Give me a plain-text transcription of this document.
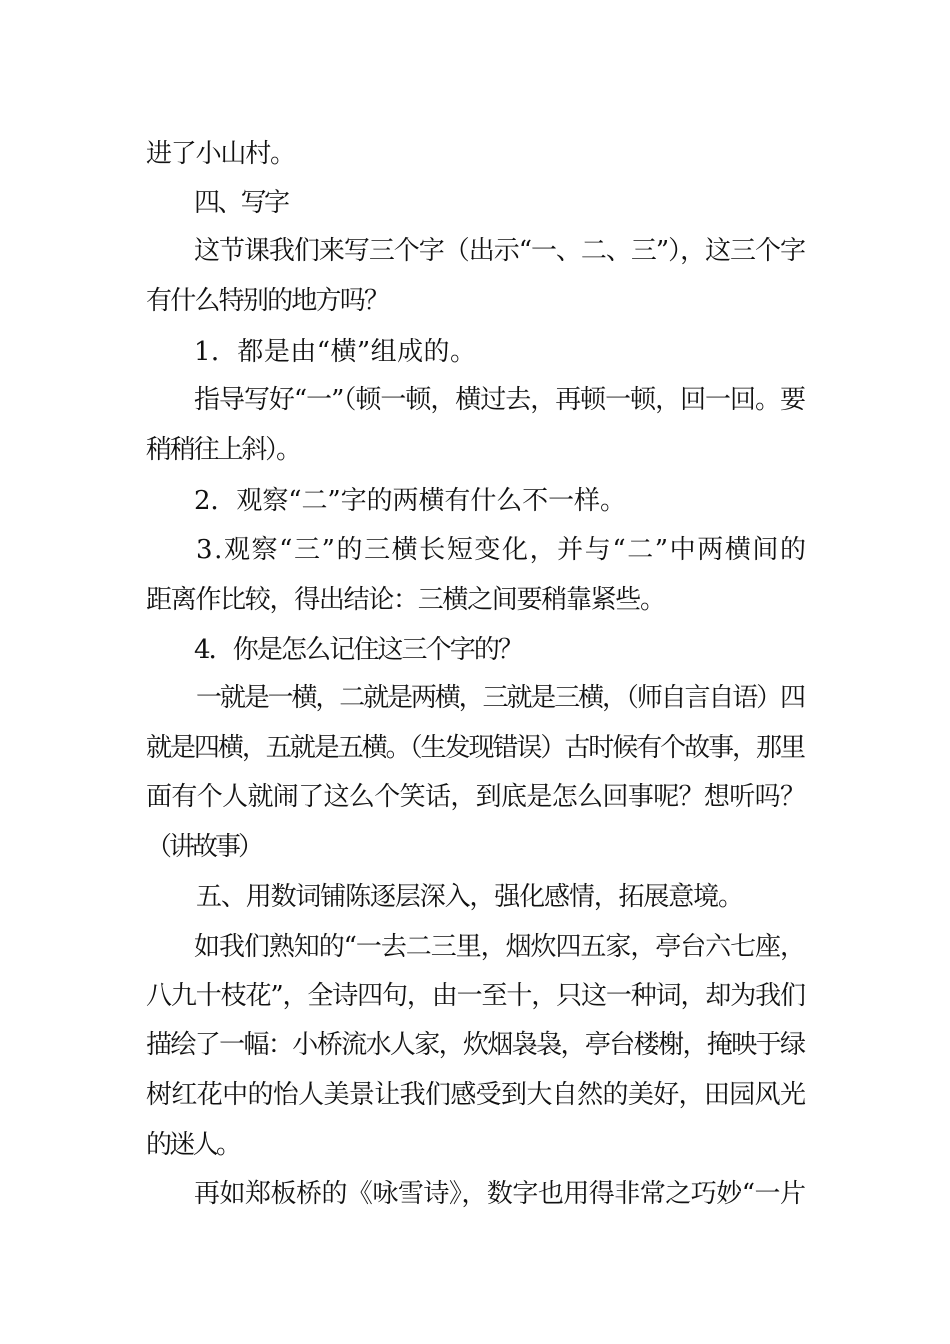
进了小山村。
四、写字
这节课我们来写三个字（出示“一、二、三”），这三个字
有什么特别的地方吗？
1．都是由“横”组成的。
指导写好“一”（顿一顿，横过去，再顿一顿，回一回。要
稍稍往上斜）。
2．观察“二”字的两横有什么不一样。
3.观察“三”的三横长短变化，并与“二”中两横间的
距离作比较，得出结论：三横之间要稍靠紧些。
4．你是怎么记住这三个字的？
一就是一横，二就是两横，三就是三横，（师自言自语）四
就是四横，五就是五横。（生发现错误）古时候有个故事，那里
面有个人就闹了这么个笑话，到底是怎么回事呢？想听吗？
（讲故事）
五、用数词铺陈逐层深入，强化感情，拓展意境。
如我们熟知的“一去二三里，烟炊四五家，亭台六七座，
八九十枝花”，全诗四句，由一至十，只这一种词，却为我们
描绘了一幅：小桥流水人家，炊烟袅袅，亭台楼榭，掩映于绿
树红花中的怡人美景让我们感受到大自然的美好，田园风光
的迷人。
再如郑板桥的《咏雪诗》，数字也用得非常之巧妙“一片
